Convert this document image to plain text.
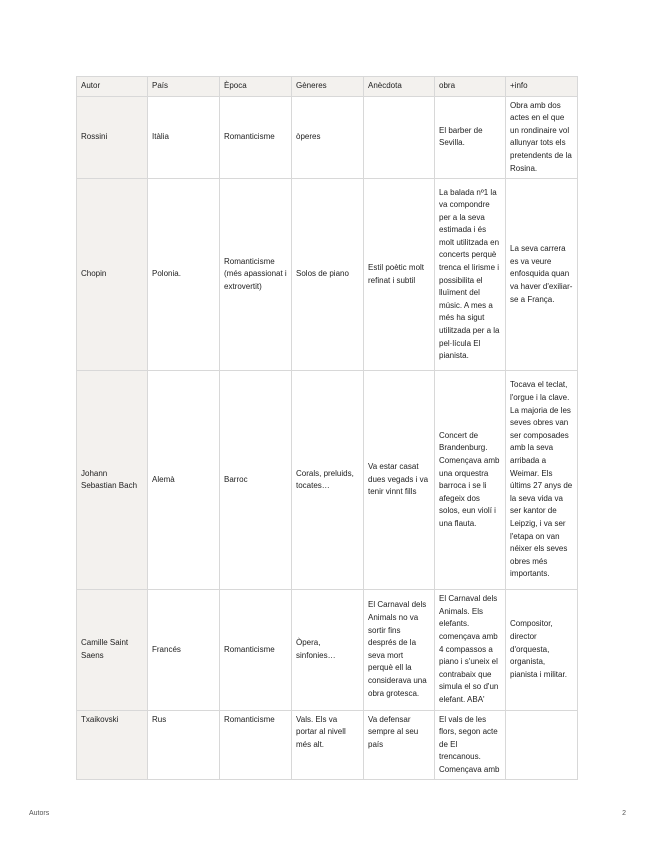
Autor	País	Època	Gèneres	Anècdota	obra	+info
Rossini	Itàlia	Romanticisme	òperes		El barber de Sevilla.	Obra amb dos actes en el que un rondinaire vol allunyar tots els pretendents de la Rosina.
Chopin	Polonia.	Romanticisme (més apassionat i extrovertit)	Solos de piano	Estil poètic molt refinat i subtil	La balada nº1 la va compondre per a la seva estimada i és molt utilitzada en concerts perquè trenca el lirisme i possibilita el lluïment del músic. A mes a més ha sigut utilitzada per a la pel·lícula El pianista.	La seva carrera es va veure enfosquida quan va haver d'exiliar-se a França.
Johann Sebastian Bach	Alemà	Barroc	Corals, preluids, tocates…	Va estar casat dues vegads i va tenir vinnt fills	Concert de Brandenburg. Començava amb una orquestra barroca i se li afegeix dos solos, eun violí i una flauta.	Tocava el teclat, l'orgue i la clave. La majoria de les seves obres van ser composades amb la seva arribada a Weimar. Els últims 27 anys de la seva vida va ser kantor de Leipzig, i va ser l'etapa on van néixer els seves obres més importants.
Camille Saint Saens	Francés	Romanticisme	Òpera, sinfonies…	El Carnaval dels Animals no va sortir fins després de la seva mort perquè ell la considerava una obra grotesca.	El Carnaval dels Animals. Els elefants. començava amb 4 compassos a piano i s'uneix el contrabaix que simula el so d'un elefant. ABA'	Compositor, director d'orquesta, organista, pianista i militar.
Txaikovski	Rus	Romanticisme	Vals. Els va portar al nivell més alt.	Va defensar sempre al seu país	El vals de les flors, segon acte de El trencanous. Començava amb	
Autors	2
